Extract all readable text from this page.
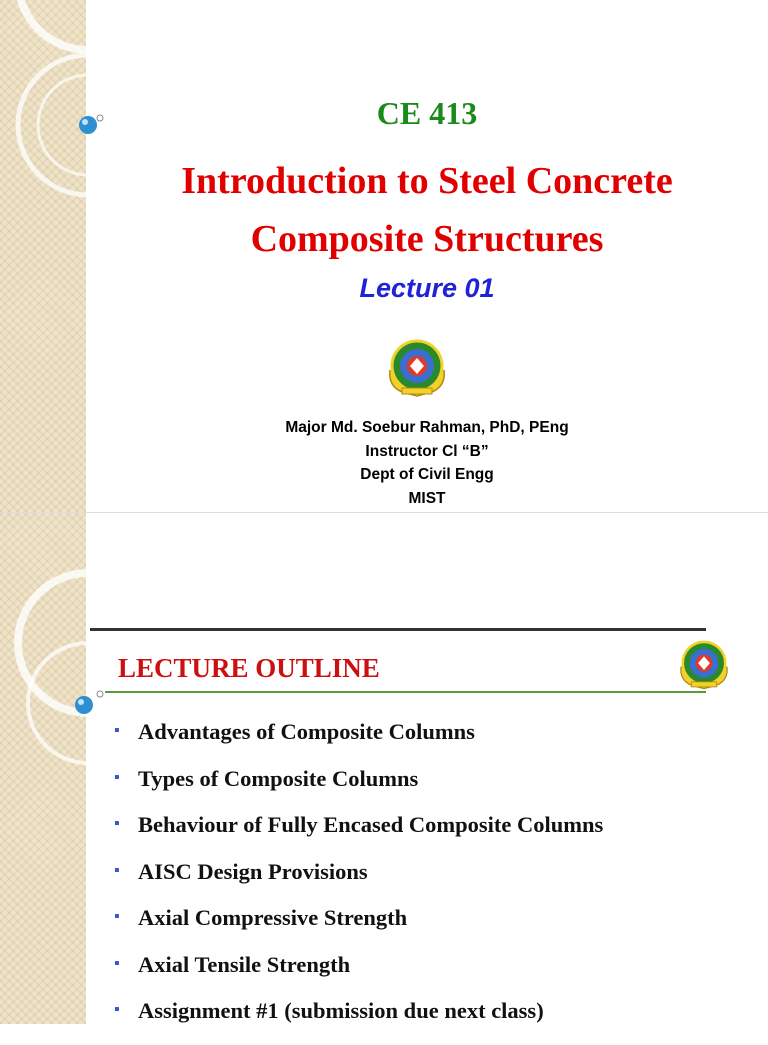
CE 413
Introduction to Steel Concrete
Composite Structures
Lecture 01
Major Md. Soebur Rahman, PhD, PEng
Instructor Cl “B”
Dept of Civil Engg
MIST
LECTURE OUTLINE
▪ Advantages of Composite Columns
▪ Types of Composite Columns
▪ Behaviour of Fully Encased Composite Columns
▪ AISC Design Provisions
▪ Axial Compressive Strength
▪ Axial Tensile Strength
▪ Assignment #1 (submission due next class)
